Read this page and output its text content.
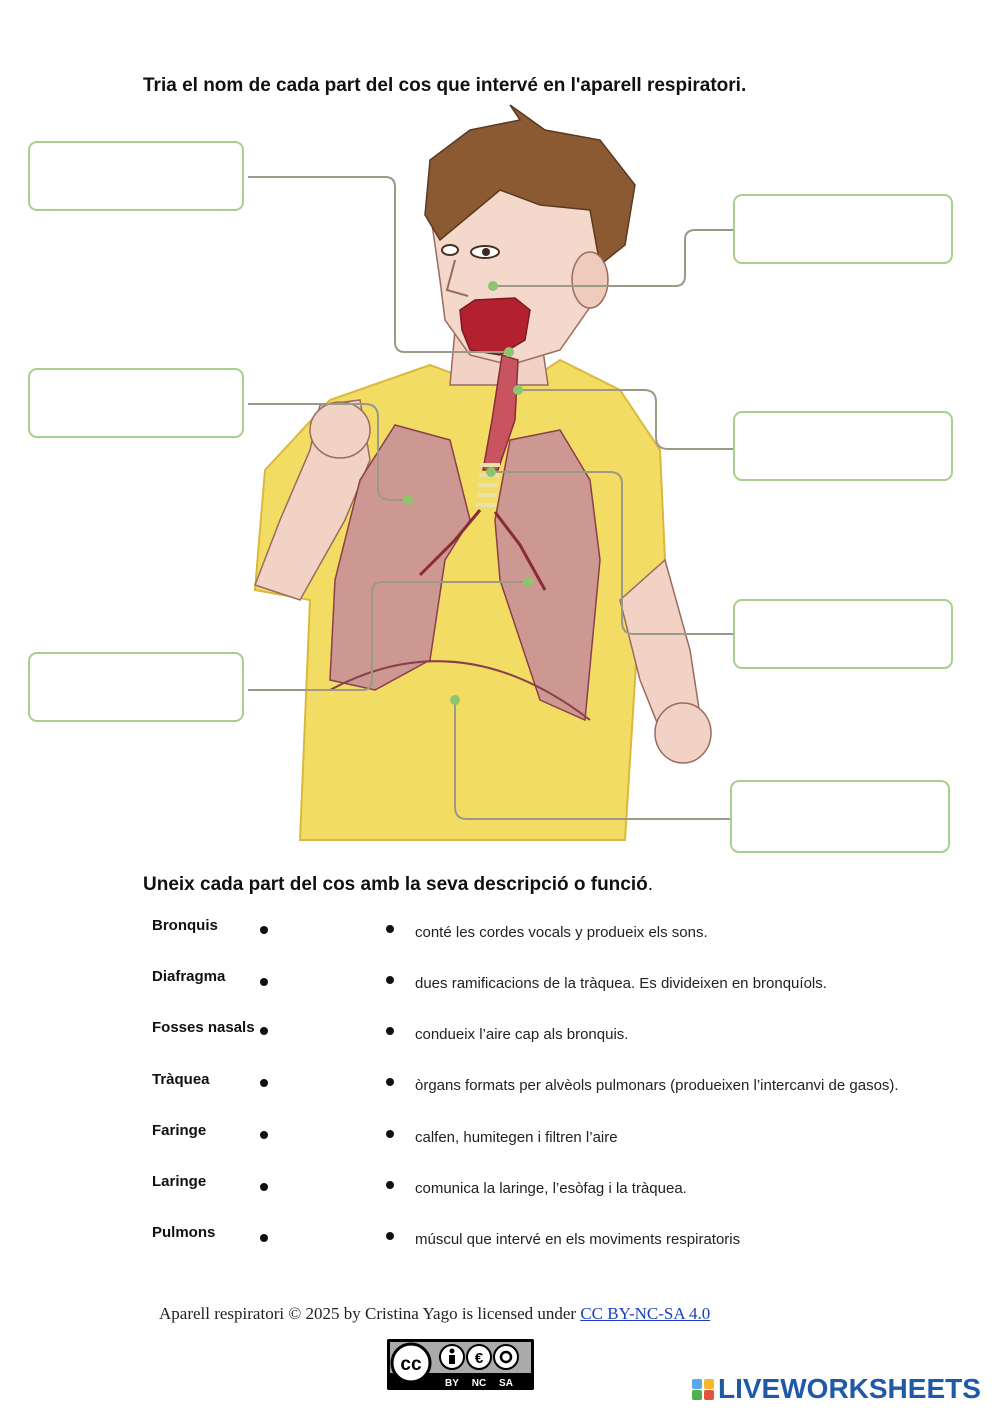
Tria el nom de cada part del cos que intervé en l'aparell respiratori.
Uneix cada part del cos amb la seva descripció o funció.
Bronquis
Diafragma
Fosses nasals
Tràquea
Faringe
Laringe
Pulmons
conté les cordes vocals y produeix els sons.
dues ramificacions de la tràquea. Es divideixen en bronquíols.
condueix l’aire cap als bronquis.
òrgans formats per alvèols pulmonars (produeixen l’intercanvi de gasos).
calfen, humitegen i filtren l’aire
comunica la laringe, l’esòfag i la tràquea.
múscul que intervé en els moviments respiratoris
Aparell respiratori © 2025 by Cristina Yago is licensed under CC BY-NC-SA 4.0
cc	€
BY NC SA	LIVEWORKSHEETS
